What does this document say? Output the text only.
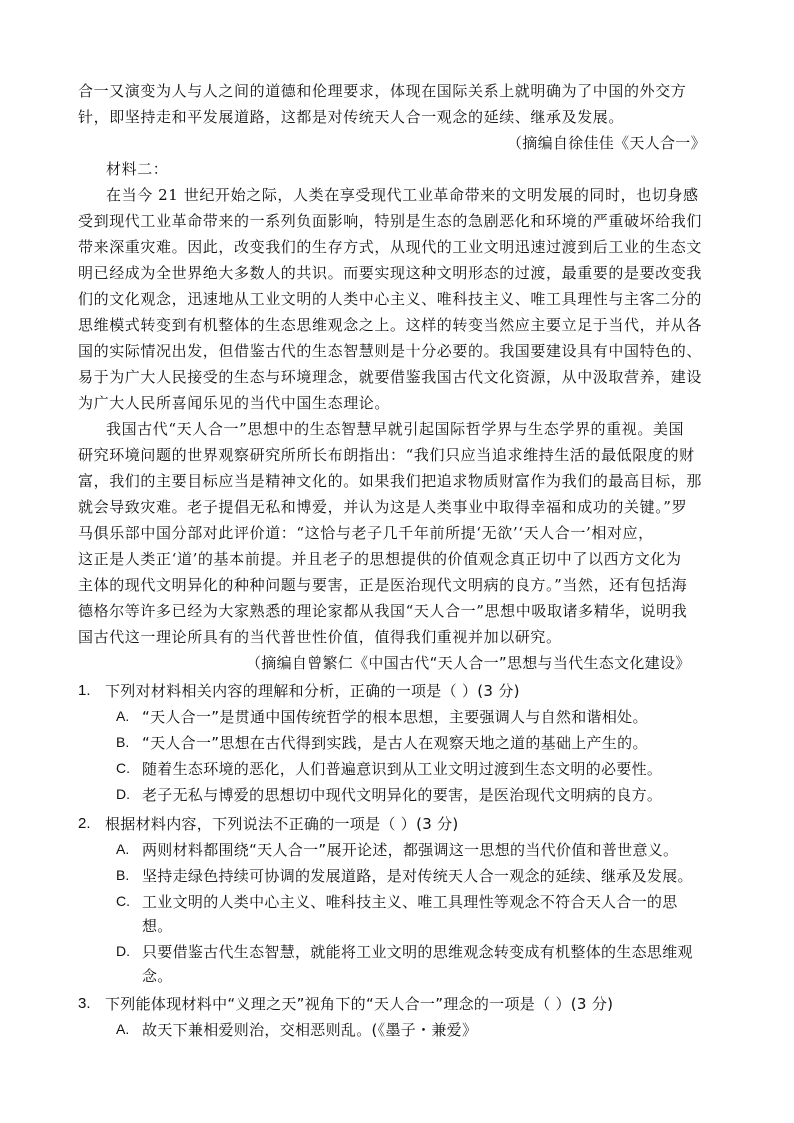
合一又演变为人与人之间的道德和伦理要求，体现在国际关系上就明确为了中国的外交方
针，即坚持走和平发展道路，这都是对传统天人合一观念的延续、继承及发展。
（摘编自徐佳佳《天人合一》
材料二：
在当今 21 世纪开始之际，人类在享受现代工业革命带来的文明发展的同时，也切身感
受到现代工业革命带来的一系列负面影响，特别是生态的急剧恶化和环境的严重破坏给我们
带来深重灾难。因此，改变我们的生存方式，从现代的工业文明迅速过渡到后工业的生态文
明已经成为全世界绝大多数人的共识。而要实现这种文明形态的过渡，最重要的是要改变我
们的文化观念，迅速地从工业文明的人类中心主义、唯科技主义、唯工具理性与主客二分的
思维模式转变到有机整体的生态思维观念之上。这样的转变当然应主要立足于当代，并从各
国的实际情况出发，但借鉴古代的生态智慧则是十分必要的。我国要建设具有中国特色的、
易于为广大人民接受的生态与环境理念，就要借鉴我国古代文化资源，从中汲取营养，建设
为广大人民所喜闻乐见的当代中国生态理论。
我国古代“天人合一”思想中的生态智慧早就引起国际哲学界与生态学界的重视。美国
研究环境问题的世界观察研究所所长布朗指出：“我们只应当追求维持生活的最低限度的财
富，我们的主要目标应当是精神文化的。如果我们把追求物质财富作为我们的最高目标，那
就会导致灾难。老子提倡无私和博爱，并认为这是人类事业中取得幸福和成功的关键。”罗
马俱乐部中国分部对此评价道：“这恰与老子几千年前所提‘无欲’‘天人合一’相对应，
这正是人类正‘道’的基本前提。并且老子的思想提供的价值观念真正切中了以西方文化为
主体的现代文明异化的种种问题与要害，正是医治现代文明病的良方。”当然，还有包括海
德格尔等许多已经为大家熟悉的理论家都从我国“天人合一”思想中吸取诸多精华，说明我
国古代这一理论所具有的当代普世性价值，值得我们重视并加以研究。
（摘编自曾繁仁《中国古代“天人合一”思想与当代生态文化建设》
1. 下列对材料相关内容的理解和分析，正确的一项是（ ）(3 分)
A. “天人合一”是贯通中国传统哲学的根本思想，主要强调人与自然和谐相处。
B. “天人合一”思想在古代得到实践，是古人在观察天地之道的基础上产生的。
C. 随着生态环境的恶化，人们普遍意识到从工业文明过渡到生态文明的必要性。
D. 老子无私与博爱的思想切中现代文明异化的要害，是医治现代文明病的良方。
2. 根据材料内容，下列说法不正确的一项是（ ）(3 分)
A. 两则材料都围绕“天人合一”展开论述，都强调这一思想的当代价值和普世意义。
B. 坚持走绿色持续可协调的发展道路，是对传统天人合一观念的延续、继承及发展。
C. 工业文明的人类中心主义、唯科技主义、唯工具理性等观念不符合天人合一的思
想。
D. 只要借鉴古代生态智慧，就能将工业文明的思维观念转变成有机整体的生态思维观
念。
3. 下列能体现材料中“义理之天”视角下的“天人合一”理念的一项是（ ）(3 分)
A. 故天下兼相爱则治，交相恶则乱。(《墨子・兼爱》
